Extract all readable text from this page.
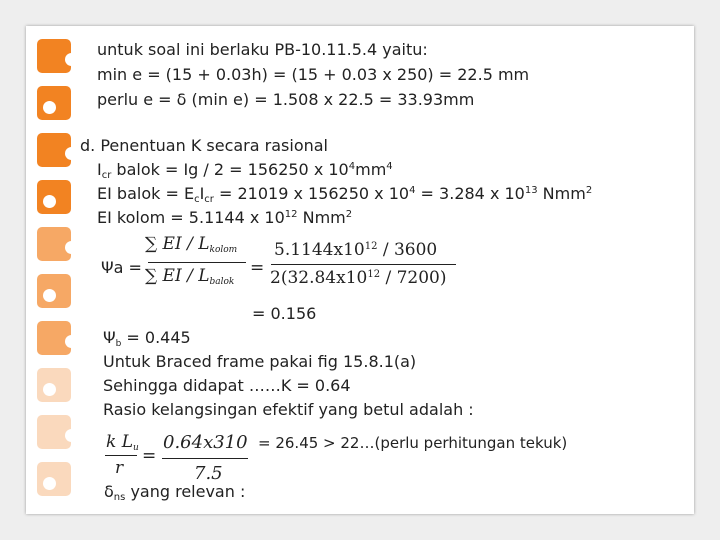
untuk soal ini berlaku PB-10.11.5.4 yaitu:
min e = (15 + 0.03h) = (15 + 0.03 x 250) = 22.5 mm
perlu e = δ (min e) = 1.508 x 22.5 = 33.93mm
d. Penentuan K secara rasional
$I_{cr}$ balok = Ig / 2 = 156250 x $10^4mm^4$
EI balok = $E_cI_{cr} = 21019$ x 156250 x $10^4 = 3.284$ x $10^{13}$ Nmm$^2$
EI kolom = 5.1144 x $10^{12}$ Nmm$^2$
Ψa =
∑ EI / $L_{kolom}$
∑ EI / $L_{balok}$
=
$5.1144x10^{12} / 3600$
$2(32.84x10^{12} / 7200)$
= 0.156
$\Psi_b = 0.445$
Untuk Braced frame pakai fig 15.8.1(a)
Sehingga didapat ……K = 0.64
Rasio kelangsingan efektif yang betul adalah :
k $L_u$
r
=
0.64x310
7.5
= 26.45 > 22…(perlu perhitungan tekuk)
$\delta_{ns}$ yang relevan :
